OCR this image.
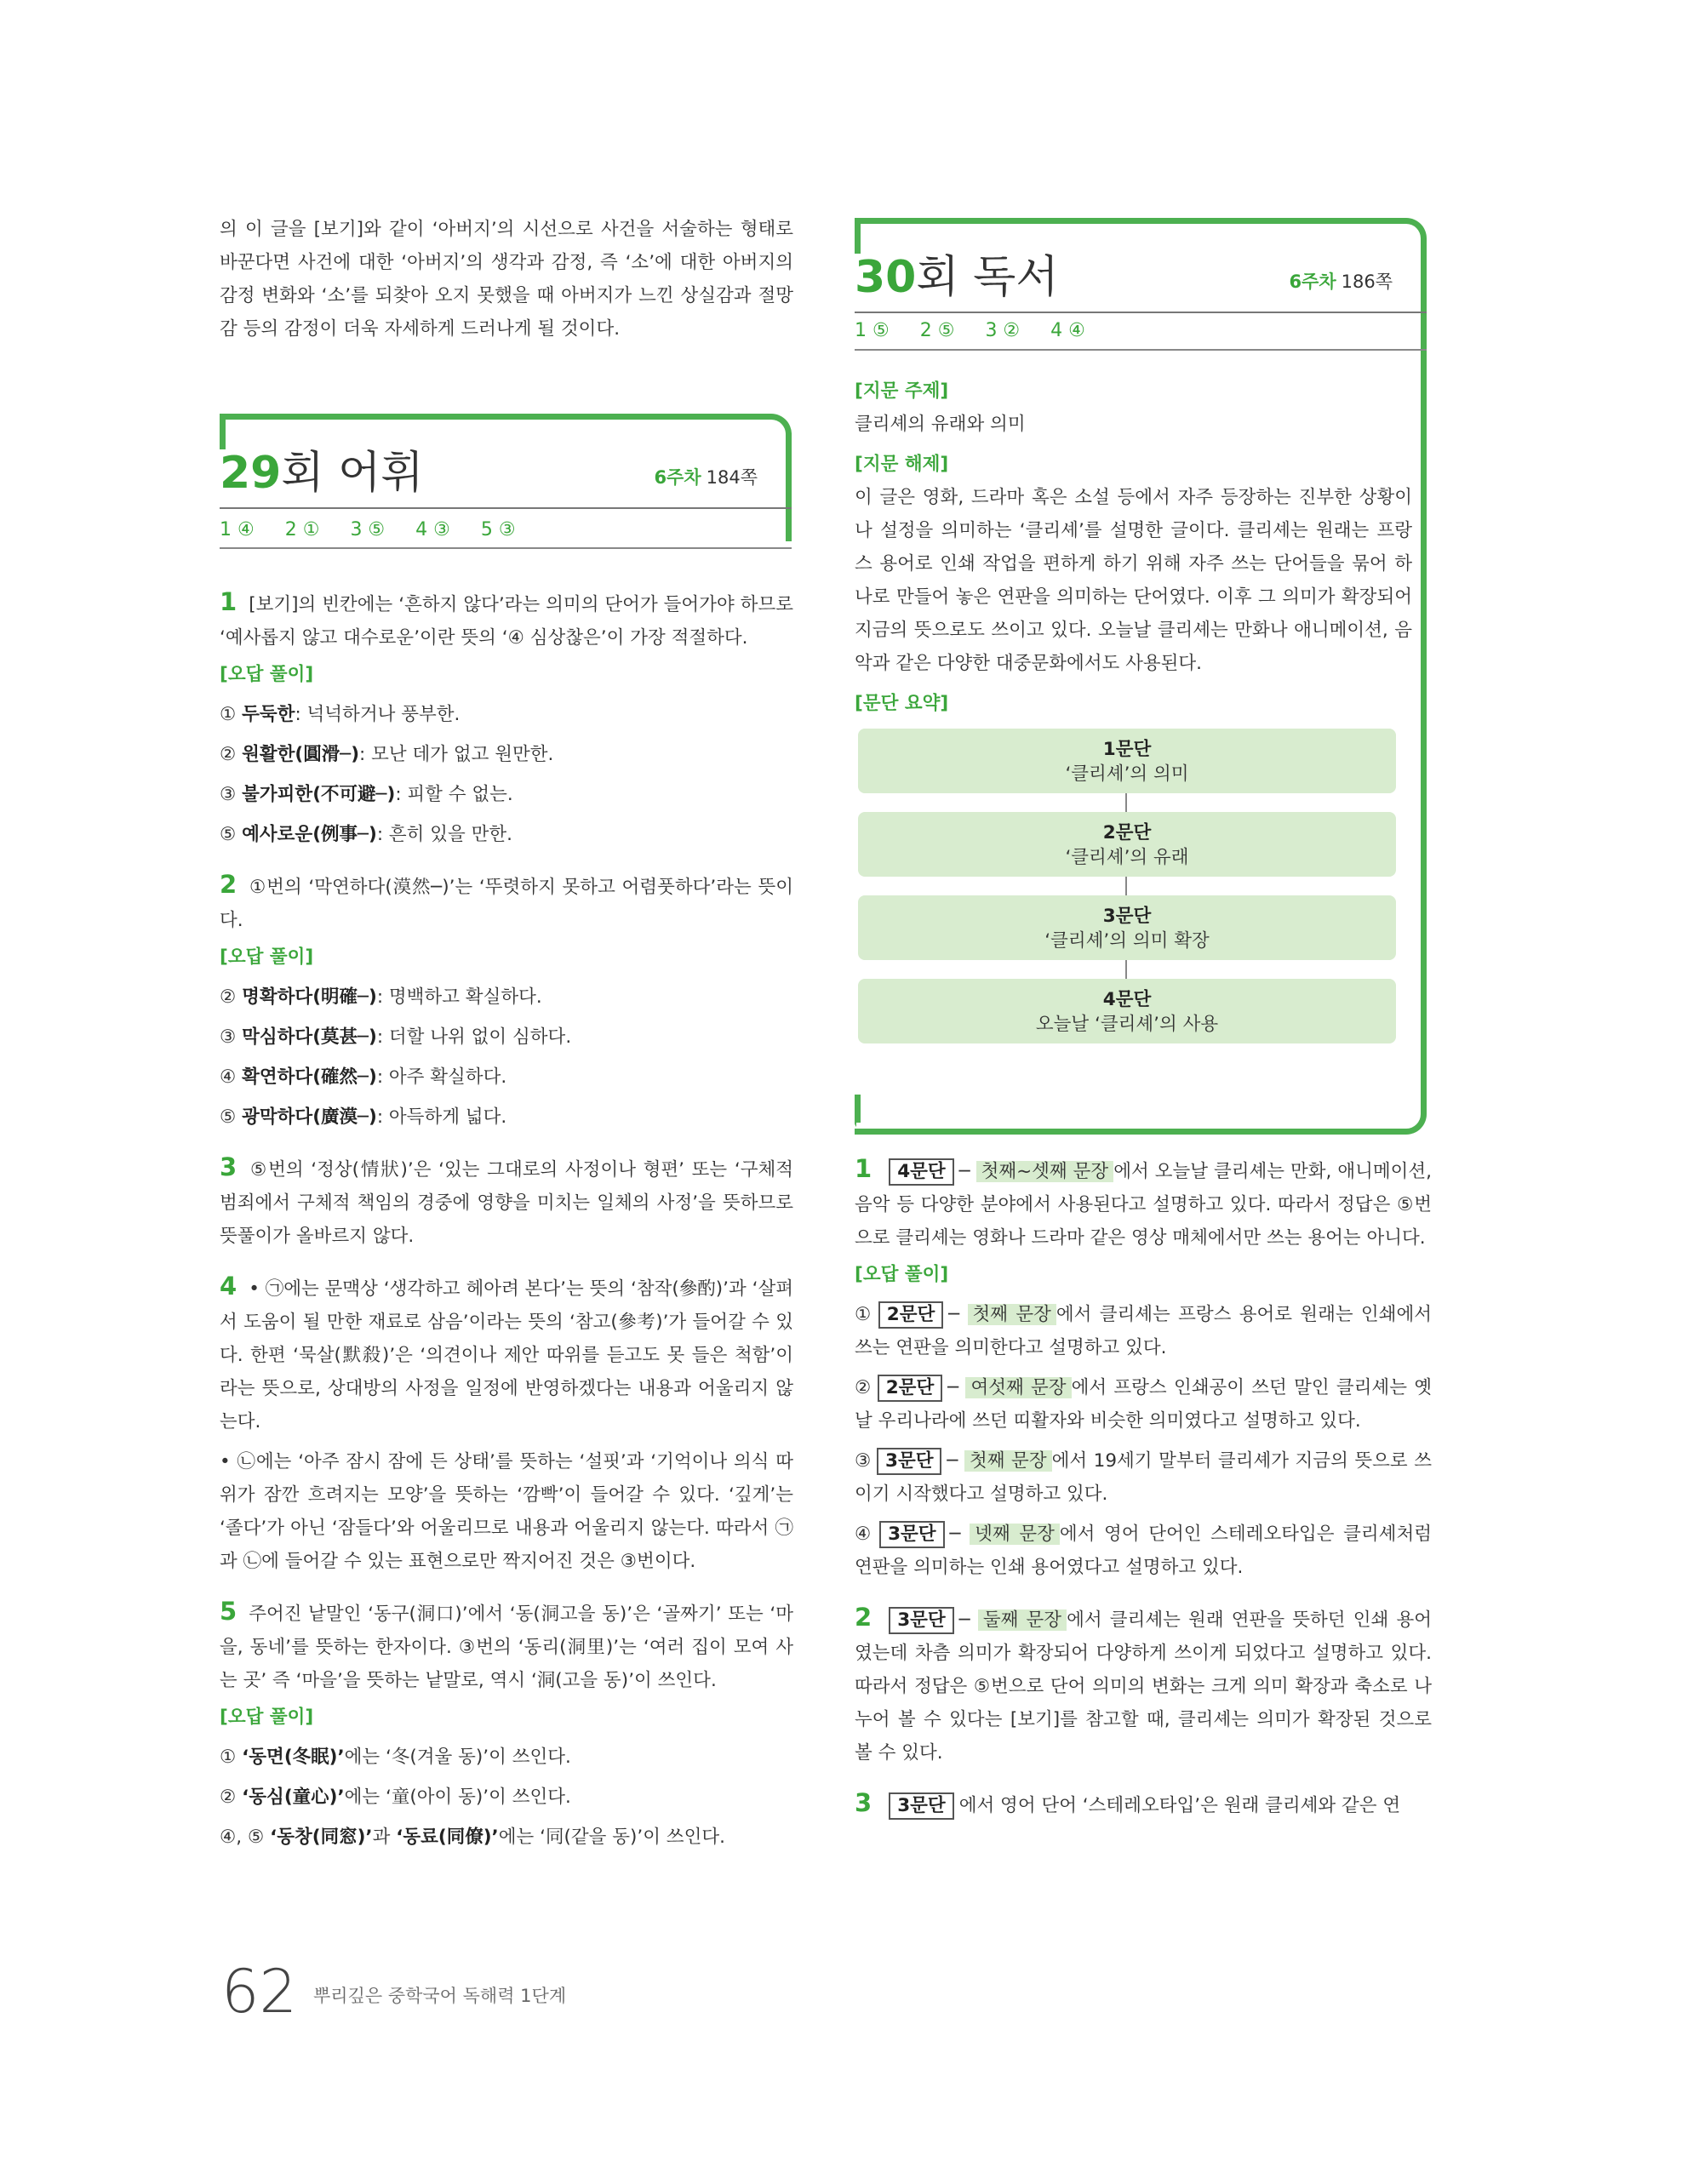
의 이 글을 [보기]와 같이 ‘아버지’의 시선으로 사건을 서술하는 형태로 바꾼다면 사건에 대한 ‘아버지’의 생각과 감정, 즉 ‘소’에 대한 아버지의 감정 변화와 ‘소’를 되찾아 오지 못했을 때 아버지가 느낀 상실감과 절망감 등의 감정이 더욱 자세하게 드러나게 될 것이다.

29회 어휘	6주차 184쪽
1 ④ 2 ① 3 ⑤ 4 ③ 5 ③

1 [보기]의 빈칸에는 ‘흔하지 않다’라는 의미의 단어가 들어가야 하므로 ‘예사롭지 않고 대수로운’이란 뜻의 ‘④ 심상찮은’이 가장 적절하다.

[오답 풀이]
① 두둑한: 넉넉하거나 풍부한.
② 원활한(圓滑─): 모난 데가 없고 원만한.
③ 불가피한(不可避─): 피할 수 없는.
⑤ 예사로운(例事─): 흔히 있을 만한.

2 ①번의 ‘막연하다(漠然─)’는 ‘뚜렷하지 못하고 어렴풋하다’라는 뜻이다.

[오답 풀이]
② 명확하다(明確─): 명백하고 확실하다.
③ 막심하다(莫甚─): 더할 나위 없이 심하다.
④ 확연하다(確然─): 아주 확실하다.
⑤ 광막하다(廣漠─): 아득하게 넓다.

3 ⑤번의 ‘정상(情狀)’은 ‘있는 그대로의 사정이나 형편’ 또는 ‘구체적 범죄에서 구체적 책임의 경중에 영향을 미치는 일체의 사정’을 뜻하므로 뜻풀이가 올바르지 않다.

4 • ㉠에는 문맥상 ‘생각하고 헤아려 본다’는 뜻의 ‘참작(參酌)’과 ‘살펴서 도움이 될 만한 재료로 삼음’이라는 뜻의 ‘참고(參考)’가 들어갈 수 있다. 한편 ‘묵살(默殺)’은 ‘의견이나 제안 따위를 듣고도 못 들은 척함’이라는 뜻으로, 상대방의 사정을 일정에 반영하겠다는 내용과 어울리지 않는다.

• ㉡에는 ‘아주 잠시 잠에 든 상태’를 뜻하는 ‘설핏’과 ‘기억이나 의식 따위가 잠깐 흐려지는 모양’을 뜻하는 ‘깜빡’이 들어갈 수 있다. ‘깊게’는 ‘졸다’가 아닌 ‘잠들다’와 어울리므로 내용과 어울리지 않는다. 따라서 ㉠과 ㉡에 들어갈 수 있는 표현으로만 짝지어진 것은 ③번이다.

5 주어진 낱말인 ‘동구(洞口)’에서 ‘동(洞고을 동)’은 ‘골짜기’ 또는 ‘마을, 동네’를 뜻하는 한자이다. ③번의 ‘동리(洞里)’는 ‘여러 집이 모여 사는 곳’ 즉 ‘마을’을 뜻하는 낱말로, 역시 ‘洞(고을 동)’이 쓰인다.

[오답 풀이]
① ‘동면(冬眠)’에는 ‘冬(겨울 동)’이 쓰인다.
② ‘동심(童心)’에는 ‘童(아이 동)’이 쓰인다.
④, ⑤ ‘동창(同窓)’과 ‘동료(同僚)’에는 ‘同(같을 동)’이 쓰인다.
30회 독서	6주차 186쪽
1 ⑤ 2 ⑤ 3 ② 4 ④
[지문 주제]

클리셰의 유래와 의미

[지문 해제]

이 글은 영화, 드라마 혹은 소설 등에서 자주 등장하는 진부한 상황이나 설정을 의미하는 ‘클리셰’를 설명한 글이다. 클리셰는 원래는 프랑스 용어로 인쇄 작업을 편하게 하기 위해 자주 쓰는 단어들을 묶어 하나로 만들어 놓은 연판을 의미하는 단어였다. 이후 그 의미가 확장되어 지금의 뜻으로도 쓰이고 있다. 오늘날 클리셰는 만화나 애니메이션, 음악과 같은 다양한 대중문화에서도 사용된다.

[문단 요약]
1문단
‘클리셰’의 의미
2문단
‘클리셰’의 유래
3문단
‘클리셰’의 의미 확장
4문단
오늘날 ‘클리셰’의 사용

1 4문단 ─ 첫째~셋째 문장 에서 오늘날 클리셰는 만화, 애니메이션, 음악 등 다양한 분야에서 사용된다고 설명하고 있다. 따라서 정답은 ⑤번으로 클리셰는 영화나 드라마 같은 영상 매체에서만 쓰는 용어는 아니다.

[오답 풀이]

① 2문단 ─ 첫째 문장 에서 클리셰는 프랑스 용어로 원래는 인쇄에서 쓰는 연판을 의미한다고 설명하고 있다.

② 2문단 ─ 여섯째 문장 에서 프랑스 인쇄공이 쓰던 말인 클리셰는 옛날 우리나라에 쓰던 띠활자와 비슷한 의미였다고 설명하고 있다.

③ 3문단 ─ 첫째 문장 에서 19세기 말부터 클리셰가 지금의 뜻으로 쓰이기 시작했다고 설명하고 있다.

④ 3문단 ─ 넷째 문장 에서 영어 단어인 스테레오타입은 클리셰처럼 연판을 의미하는 인쇄 용어였다고 설명하고 있다.

2 3문단 ─ 둘째 문장 에서 클리셰는 원래 연판을 뜻하던 인쇄 용어였는데 차츰 의미가 확장되어 다양하게 쓰이게 되었다고 설명하고 있다. 따라서 정답은 ⑤번으로 단어 의미의 변화는 크게 의미 확장과 축소로 나누어 볼 수 있다는 [보기]를 참고할 때, 클리셰는 의미가 확장된 것으로 볼 수 있다.

3 3문단 에서 영어 단어 ‘스테레오타입’은 원래 클리셰와 같은 연

62 뿌리깊은 중학국어 독해력 1단계
